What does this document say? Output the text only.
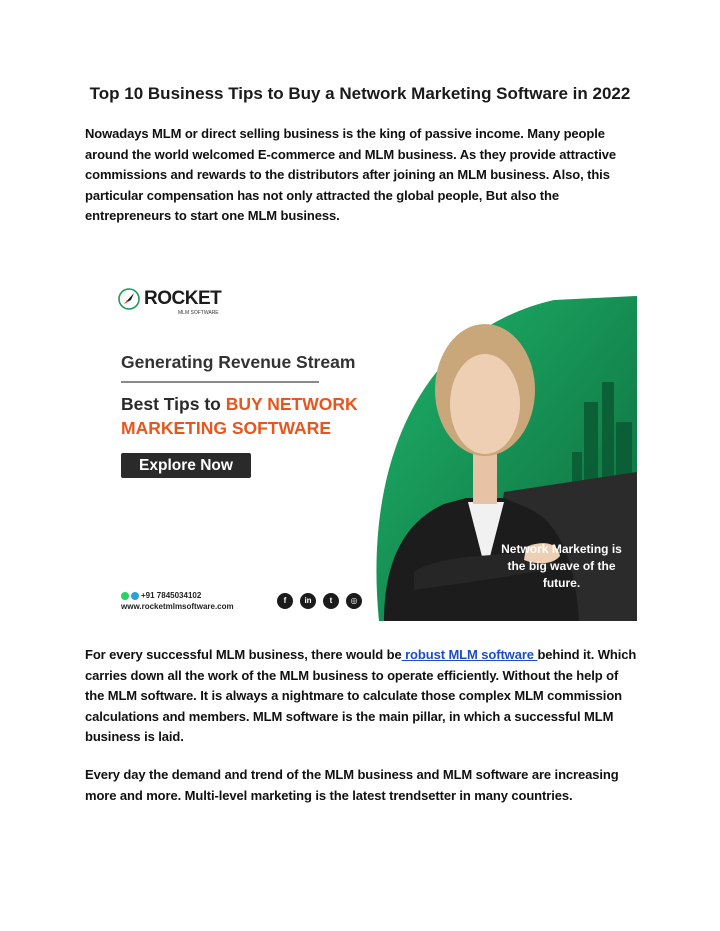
Top 10 Business Tips to Buy a Network Marketing Software in 2022
Nowadays MLM or direct selling business is the king of passive income. Many people around the world welcomed E-commerce and MLM business. As they provide attractive commissions and rewards to the distributors after joining an MLM business. Also, this particular compensation has not only attracted the global people, But also the entrepreneurs to start one MLM business.
ROCKET
MLM SOFTWARE
Generating Revenue Stream
Best Tips to BUY NETWORK MARKETING SOFTWARE
Explore Now
+91 7845034102
www.rocketmlmsoftware.com
f	in	t	◎
Network Marketing is the big wave of the future.
For every successful MLM business, there would be robust MLM software behind it. Which carries down all the work of the MLM business to operate efficiently. Without the help of the MLM software. It is always a nightmare to calculate those complex MLM commission calculations and members. MLM software is the main pillar, in which a successful MLM business is laid.
Every day the demand and trend of the MLM business and MLM software are increasing more and more. Multi-level marketing is the latest trendsetter in many countries.
